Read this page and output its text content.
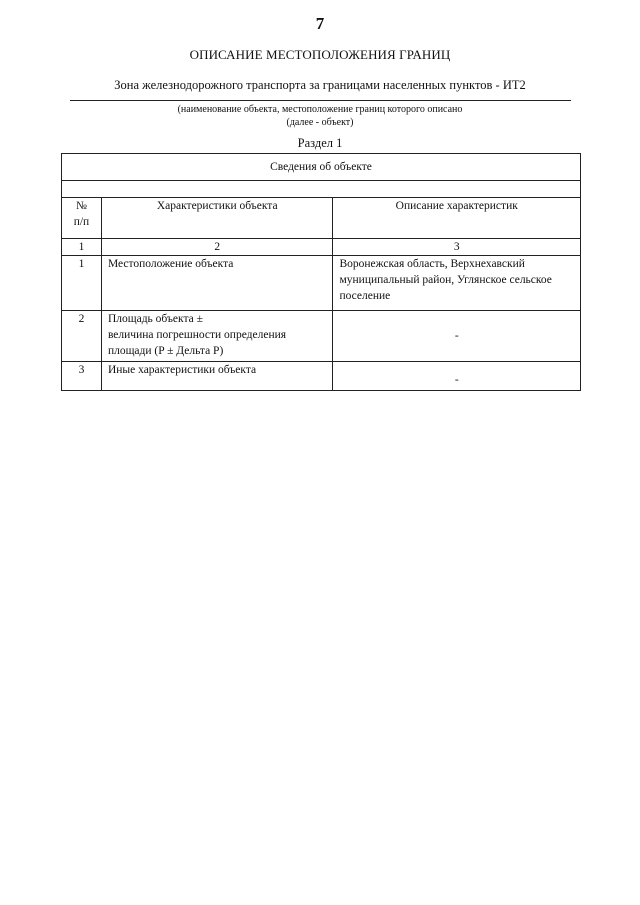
7
ОПИСАНИЕ МЕСТОПОЛОЖЕНИЯ ГРАНИЦ
Зона железнодорожного транспорта за границами населенных пунктов - ИТ2
(наименование объекта, местоположение границ которого описано
(далее - объект)
Раздел 1
Сведения об объекте		

№
п/п	Характеристики объекта	Описание характеристик
1	2	3
1	Местоположение объекта	Воронежская область, Верхнехавский муниципальный район, Углянское сельское поселение
2	Площадь объекта ±
величина погрешности определения площади (P ± Дельта P)	-
3	Иные характеристики объекта	-
